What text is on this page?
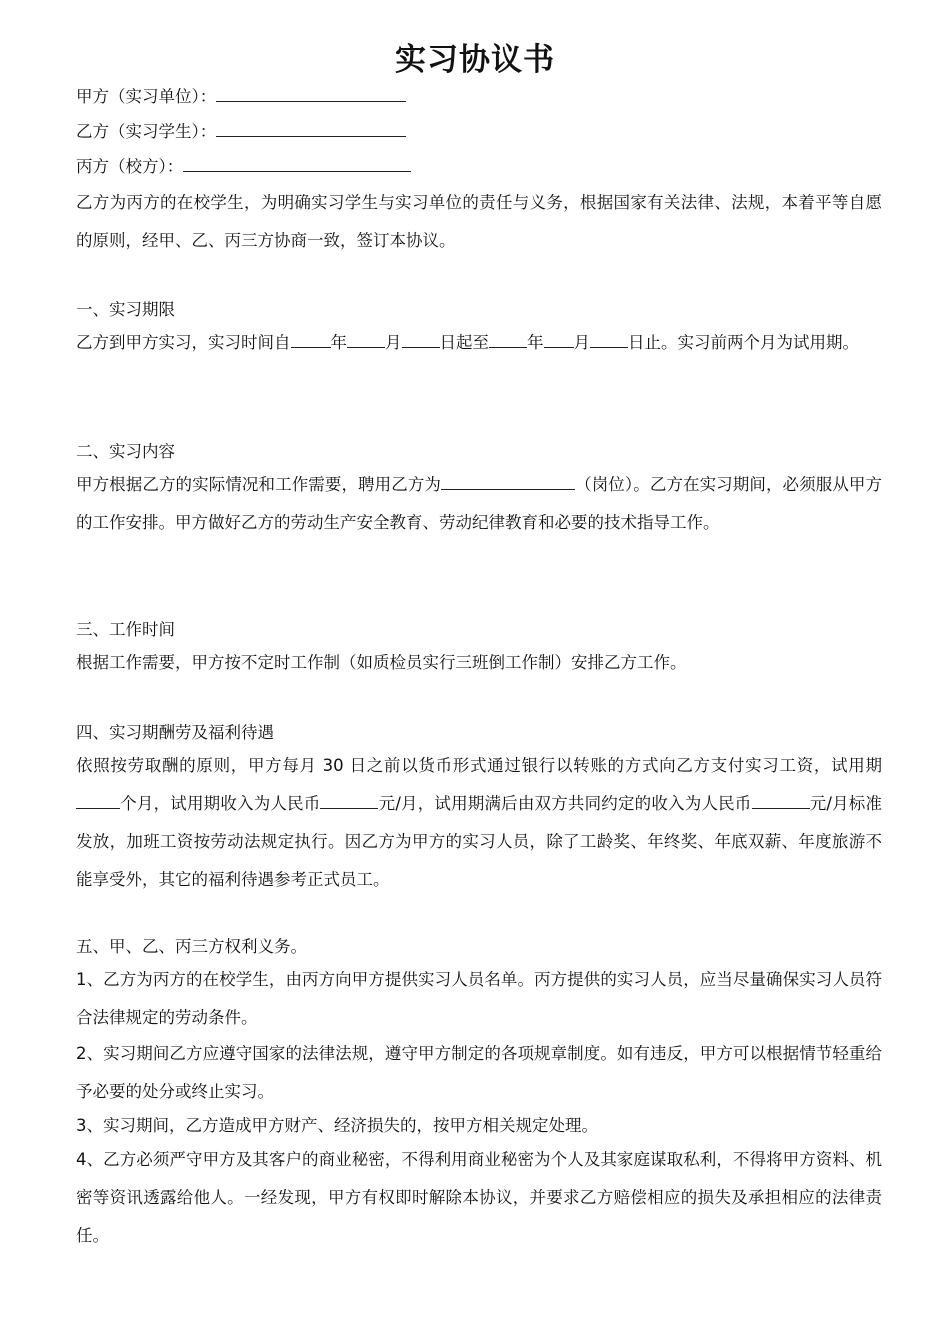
实习协议书
甲方（实习单位）：
乙方（实习学生）：
丙方（校方）：

乙方为丙方的在校学生，为明确实习学生与实习单位的责任与义务，根据国家有关法律、法规，本着平等自愿的原则，经甲、乙、丙三方协商一致，签订本协议。

一、实习期限

乙方到甲方实习，实习时间自 年 月 日起至 年 月 日止。实习前两个月为试用期。

二、实习内容

甲方根据乙方的实际情况和工作需要，聘用乙方为	（岗位）。乙方在实习期间，必须服从甲方的工作安排。甲方做好乙方的劳动生产安全教育、劳动纪律教育和必要的技术指导工作。

三、工作时间

根据工作需要，甲方按不定时工作制（如质检员实行三班倒工作制）安排乙方工作。

四、实习期酬劳及福利待遇

依照按劳取酬的原则，甲方每月 30 日之前以货币形式通过银行以转账的方式向乙方支付实习工资，试用期个月，试用期收入为人民币	元/月，试用期满后由双方共同约定的收入为人民币	元/月标准发放，加班工资按劳动法规定执行。因乙方为甲方的实习人员，除了工龄奖、年终奖、年底双薪、年度旅游不能享受外，其它的福利待遇参考正式员工。

五、甲、乙、丙三方权利义务。

1、乙方为丙方的在校学生，由丙方向甲方提供实习人员名单。丙方提供的实习人员，应当尽量确保实习人员符合法律规定的劳动条件。

2、实习期间乙方应遵守国家的法律法规，遵守甲方制定的各项规章制度。如有违反，甲方可以根据情节轻重给予必要的处分或终止实习。

3、实习期间，乙方造成甲方财产、经济损失的，按甲方相关规定处理。

4、乙方必须严守甲方及其客户的商业秘密，不得利用商业秘密为个人及其家庭谋取私利，不得将甲方资料、机密等资讯透露给他人。一经发现，甲方有权即时解除本协议，并要求乙方赔偿相应的损失及承担相应的法律责任。
